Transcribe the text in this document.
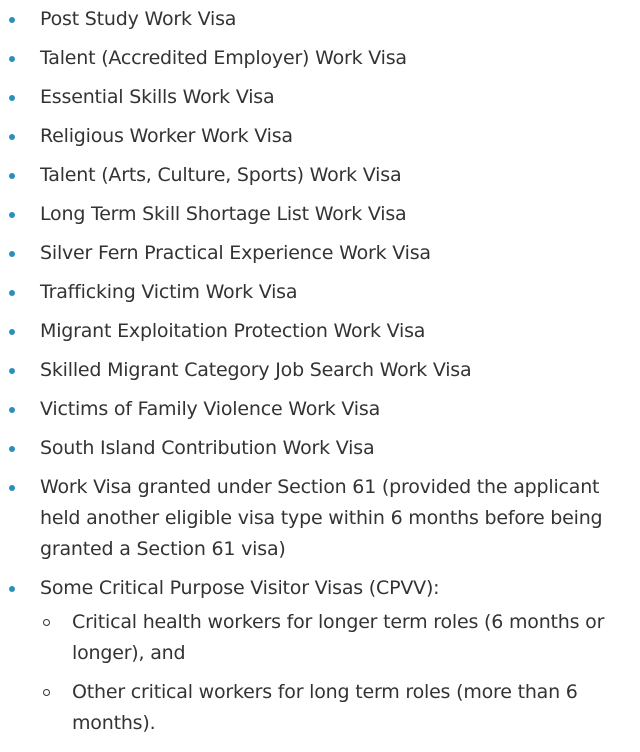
Post Study Work Visa
Talent (Accredited Employer) Work Visa
Essential Skills Work Visa
Religious Worker Work Visa
Talent (Arts, Culture, Sports) Work Visa
Long Term Skill Shortage List Work Visa
Silver Fern Practical Experience Work Visa
Trafficking Victim Work Visa
Migrant Exploitation Protection Work Visa
Skilled Migrant Category Job Search Work Visa
Victims of Family Violence Work Visa
South Island Contribution Work Visa
Work Visa granted under Section 61 (provided the applicant held another eligible visa type within 6 months before being granted a Section 61 visa)
Some Critical Purpose Visitor Visas (CPVV):
Critical health workers for longer term roles (6 months or longer), and
Other critical workers for long term roles (more than 6 months).
